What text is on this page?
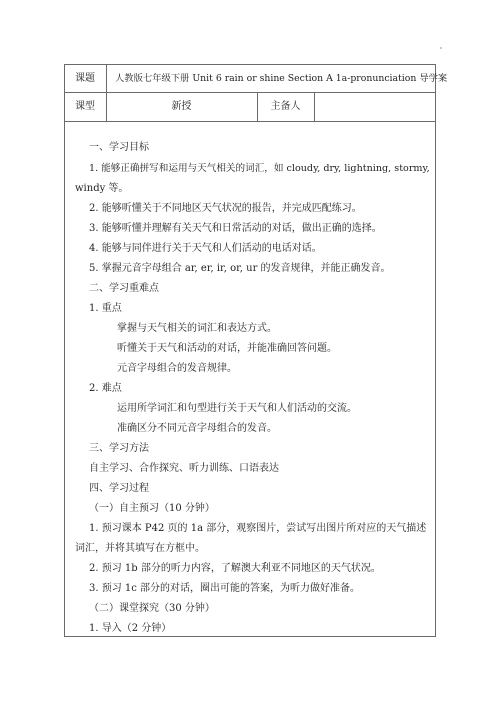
课题	人教版七年级下册 Unit 6 rain or shine Section A 1a-pronunciation 导学案
课型	新授	主备人
一、学习目标
1. 能够正确拼写和运用与天气相关的词汇，如 cloudy, dry, lightning, stormy,
windy 等。
2. 能够听懂关于不同地区天气状况的报告，并完成匹配练习。
3. 能够听懂并理解有关天气和日常活动的对话，做出正确的选择。
4. 能够与同伴进行关于天气和人们活动的电话对话。
5. 掌握元音字母组合 ar, er, ir, or, ur 的发音规律，并能正确发音。
二、学习重难点
1. 重点
掌握与天气相关的词汇和表达方式。
听懂关于天气和活动的对话，并能准确回答问题。
元音字母组合的发音规律。
2. 难点
运用所学词汇和句型进行关于天气和人们活动的交流。
准确区分不同元音字母组合的发音。
三、学习方法
自主学习、合作探究、听力训练、口语表达
四、学习过程
（一）自主预习（10 分钟）
1. 预习课本 P42 页的 1a 部分，观察图片，尝试写出图片所对应的天气描述
词汇，并将其填写在方框中。
2. 预习 1b 部分的听力内容，了解澳大利亚不同地区的天气状况。
3. 预习 1c 部分的对话，圈出可能的答案，为听力做好准备。
（二）课堂探究（30 分钟）
1. 导入（2 分钟）
